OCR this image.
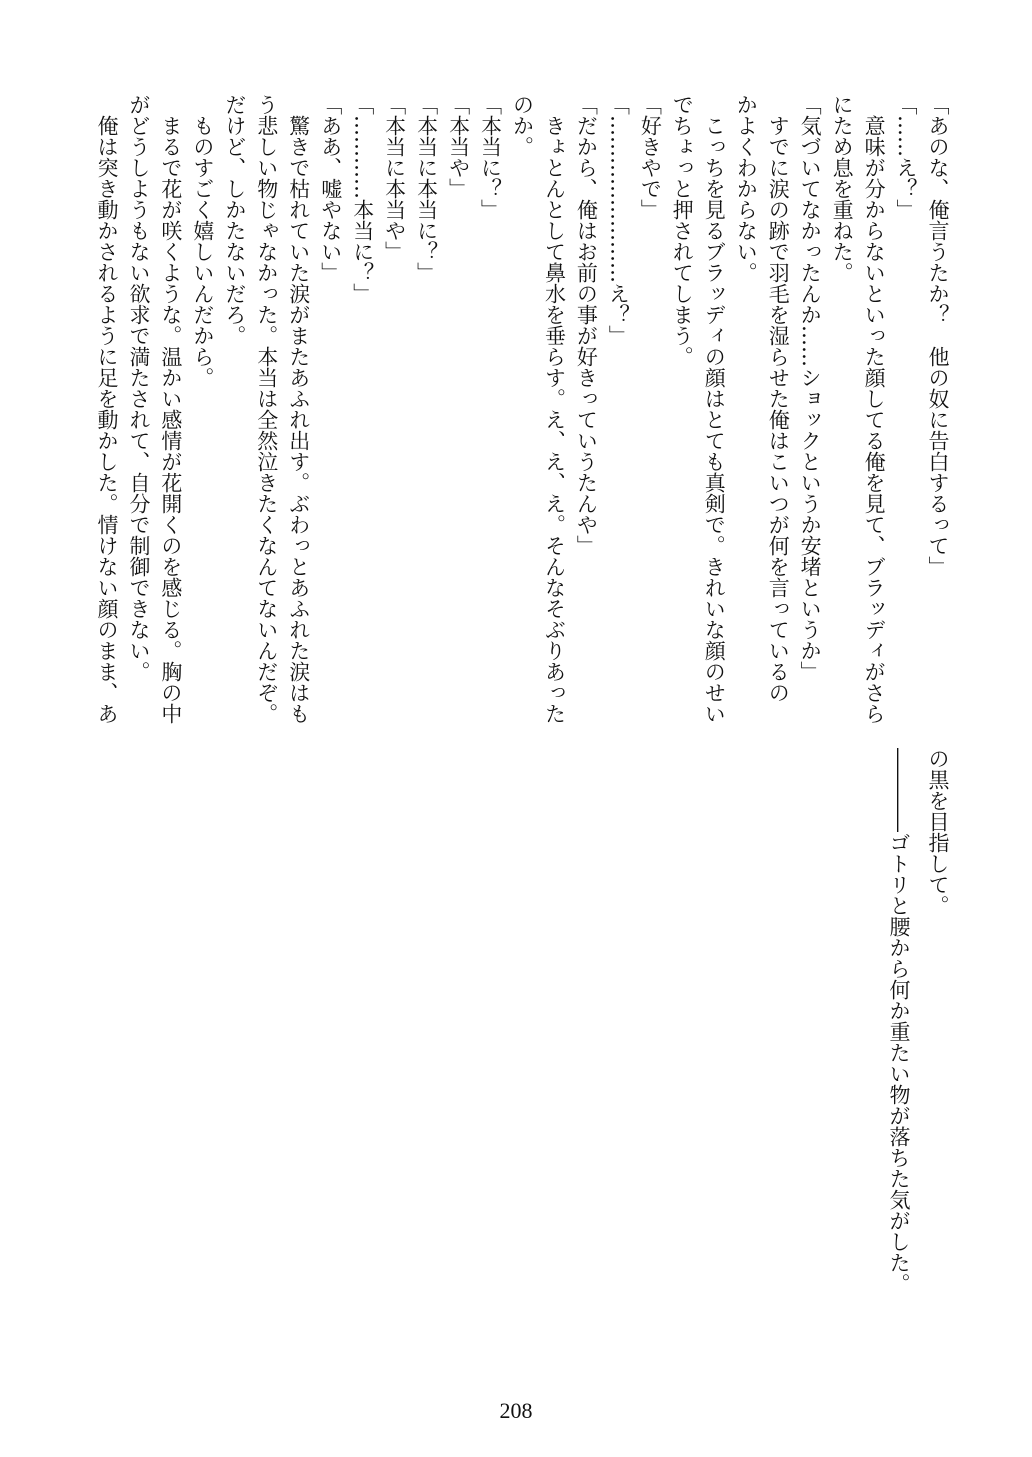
「あのな、俺言うたか？　他の奴に告白するって」
「……え？」
　意味が分からないといった顔してる俺を見て、ブラッディがさら
にため息を重ねた。
「気づいてなかったんか……ショックというか安堵というか」
　すでに涙の跡で羽毛を湿らせた俺はこいつが何を言っているの
かよくわからない。
　こっちを見るブラッディの顔はとても真剣で。きれいな顔のせい
でちょっと押されてしまう。
「好きやで」
「……………………え？」
「だから、俺はお前の事が好きっていうたんや」
　きょとんとして鼻水を垂らす。え、え、え。そんなそぶりあった
のか。
「本当に？」
「本当や」
「本当に本当に？」
「本当に本当や」
「…………本当に？」
「ああ、嘘やない」
　驚きで枯れていた涙がまたあふれ出す。ぶわっとあふれた涙はも
う悲しい物じゃなかった。本当は全然泣きたくなんてないんだぞ。
だけど、しかたないだろ。
　ものすごく嬉しいんだから。
　まるで花が咲くような。温かい感情が花開くのを感じる。胸の中
がどうしようもない欲求で満たされて、自分で制御できない。
　俺は突き動かされるように足を動かした。情けない顔のまま、あ
の黒を目指して。
――――ゴトリと腰から何か重たい物が落ちた気がした。
208
